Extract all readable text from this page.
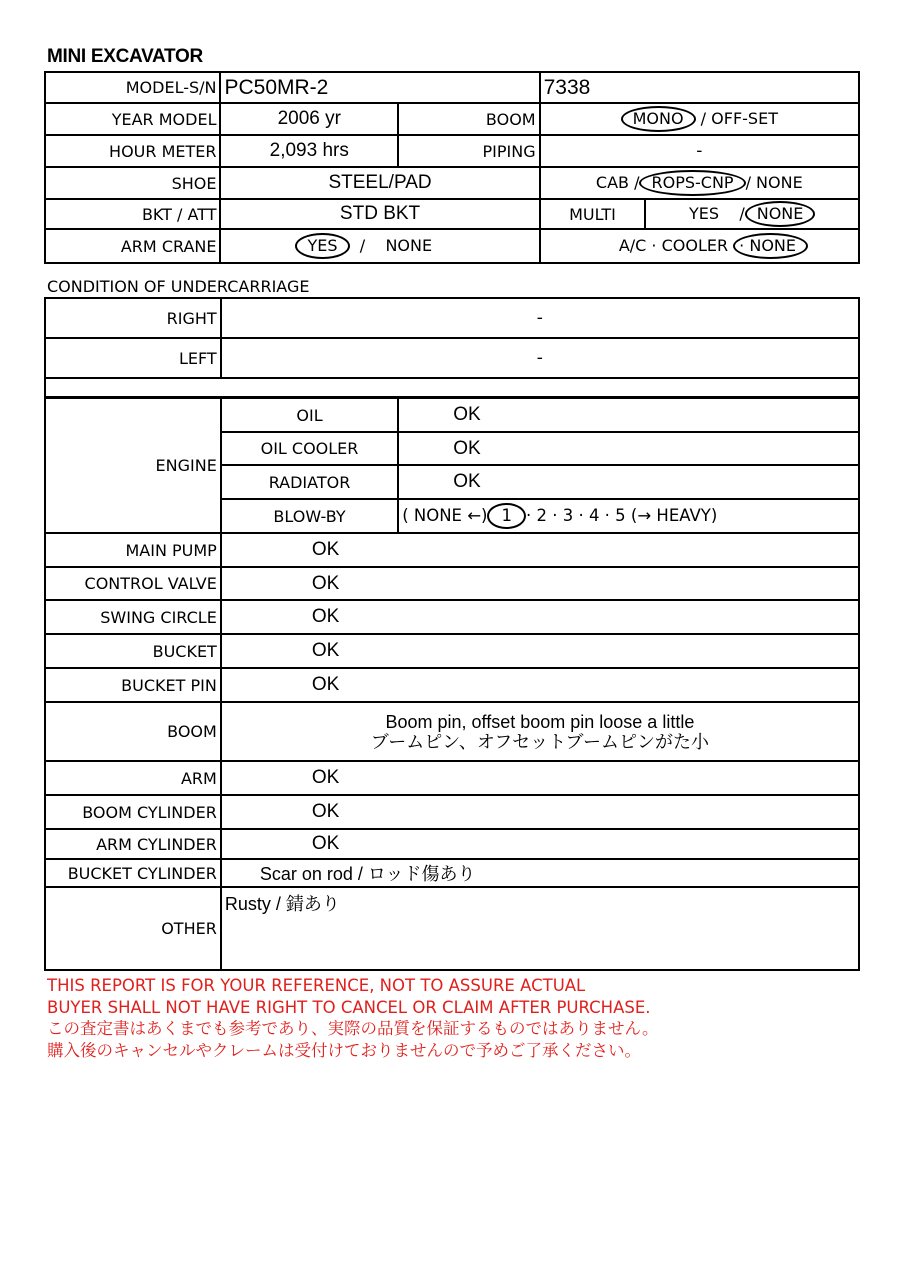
MINI EXCAVATOR
MODEL-S/N	PC50MR-2		7338	
YEAR MODEL	2006 yr	BOOM	MONO / OFF-SET	
HOUR METER	2,093 hrs	PIPING	-	
SHOE	STEEL/PAD		CAB / ROPS-CNP / NONE	
BKT / ATT	STD BKT		MULTI	YES / NONE
ARM CRANE	YES / NONE		A/C · COOLER · NONE	
CONDITION OF UNDERCARRIAGE
RIGHT	-
LEFT	-

ENGINE	OIL	OK
	OIL COOLER	OK
	RADIATOR	OK
	BLOW-BY	( NONE ←) 1 · 2 · 3 · 4 · 5 (→ HEAVY)
MAIN PUMP	OK	
CONTROL VALVE	OK	
SWING CIRCLE	OK	
BUCKET	OK	
BUCKET PIN	OK	
BOOM	Boom pin, offset boom pin loose a little
ブームピン、オフセットブームピンがた小	

ARM	OK	
BOOM CYLINDER	OK	
ARM CYLINDER	OK	
BUCKET CYLINDER	Scar on rod / ロッド傷あり	
OTHER	Rusty / 錆あり	
THIS REPORT IS FOR YOUR REFERENCE, NOT TO ASSURE ACTUAL
BUYER SHALL NOT HAVE RIGHT TO CANCEL OR CLAIM AFTER PURCHASE.
この査定書はあくまでも参考であり、実際の品質を保証するものではありません。
購入後のキャンセルやクレームは受付けておりませんので予めご了承ください。
